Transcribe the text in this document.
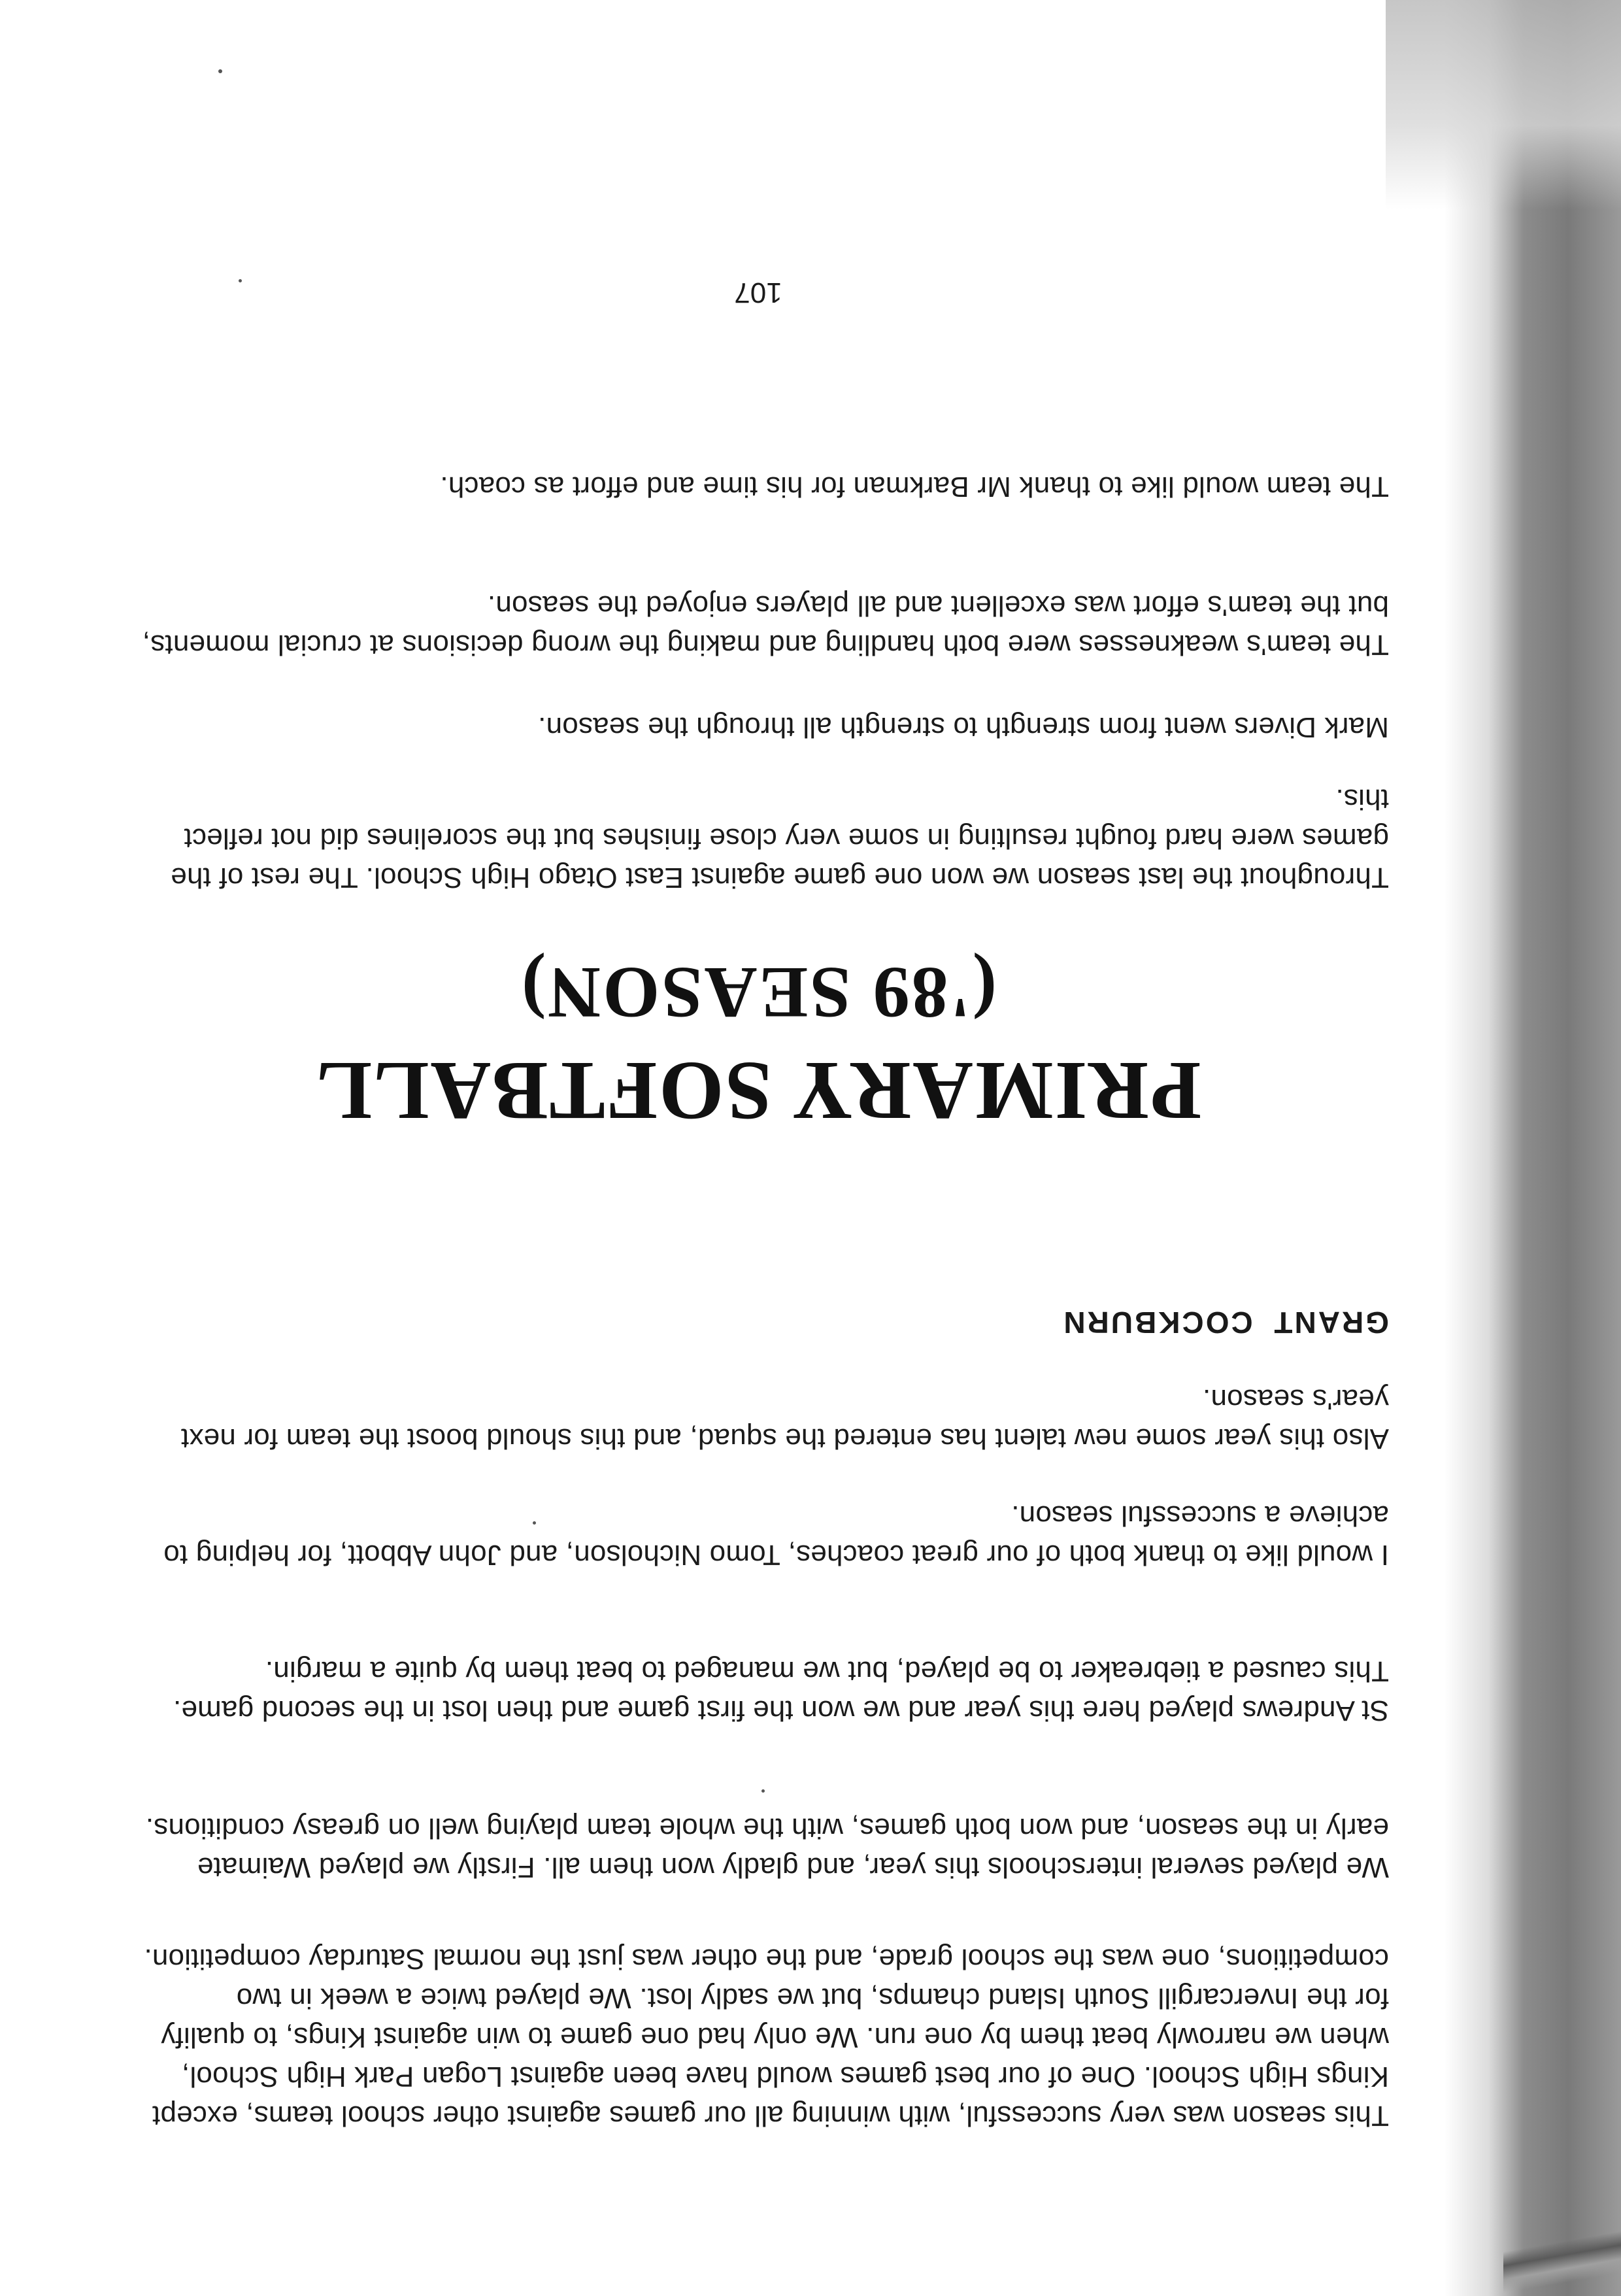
This season was very successful, with winning all our games against other school teams, except Kings High School. One of our best games would have been against Logan Park High School, when we narrowly beat them by one run. We only had one game to win against Kings, to qualify for the Invercargill South Island champs, but we sadly lost. We played twice a week in two competitions, one was the school grade, and the other was just the normal Saturday competition.

We played several interschools this year, and gladly won them all. Firstly we played Waimate early in the season, and won both games, with the whole team playing well on greasy conditions.

St Andrews played here this year and we won the first game and then lost in the second game. This caused a tiebreaker to be played, but we managed to beat them by quite a margin.

I would like to thank both of our great coaches, Tomo Nicholson, and John Abbott, for helping to achieve a successful season.

Also this year some new talent has entered the squad, and this should boost the team for next year's season.

GRANT COCKBURN

PRIMARY SOFTBALL

('89 SEASON)

Throughout the last season we won one game against East Otago High School. The rest of the games were hard fought resulting in some very close finishes but the scorelines did not reflect this.

Mark Divers went from strength to strength all through the season.

The team's weaknesses were both handling and making the wrong decisions at crucial moments, but the team's effort was excellent and all players enjoyed the season.

The team would like to thank Mr Barkman for his time and effort as coach.

107
